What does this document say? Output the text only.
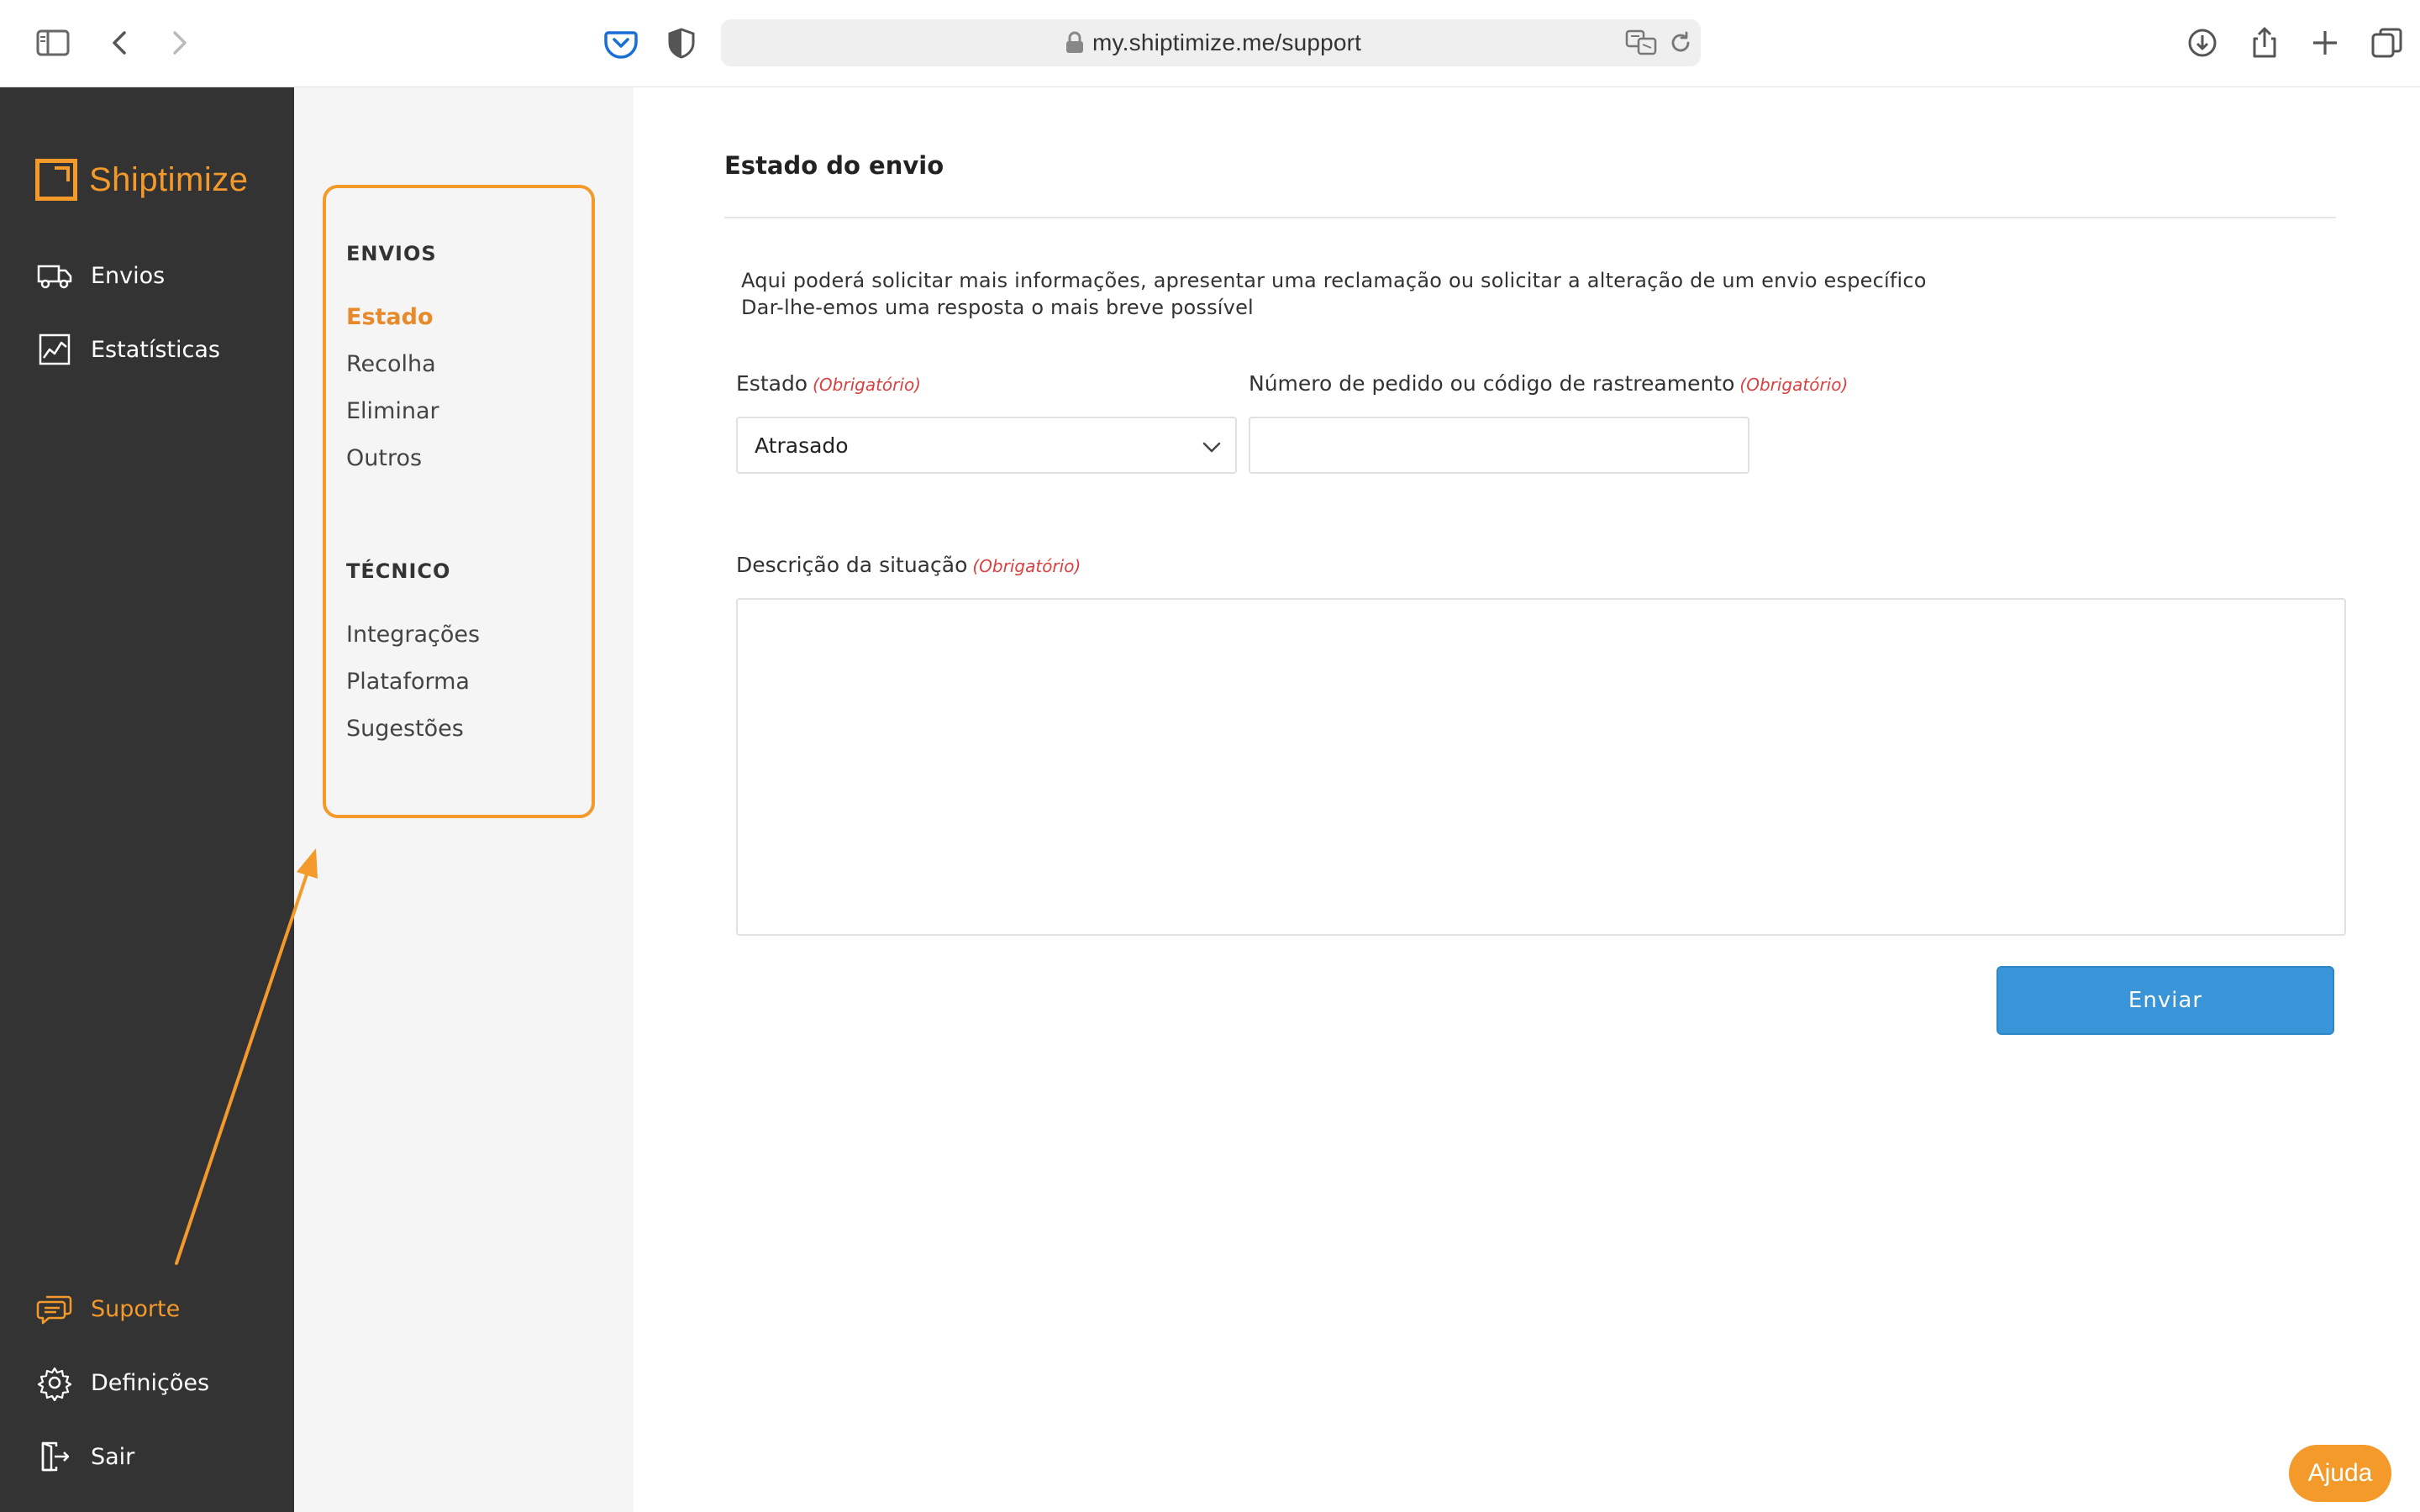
my.shiptimize.me/support
Shiptimize
Envios
Estatísticas
Suporte
Definições
Sair
ENVIOS
Estado
Recolha
Eliminar
Outros
TÉCNICO
Integrações
Plataforma
Sugestões
Estado do envio
Aqui poderá solicitar mais informações, apresentar uma reclamação ou solicitar a alteração de um envio específico
Dar-lhe-emos uma resposta o mais breve possível
Estado (Obrigatório)	Número de pedido ou código de rastreamento (Obrigatório)
Atrasado
Descrição da situação (Obrigatório)
Enviar
Ajuda
